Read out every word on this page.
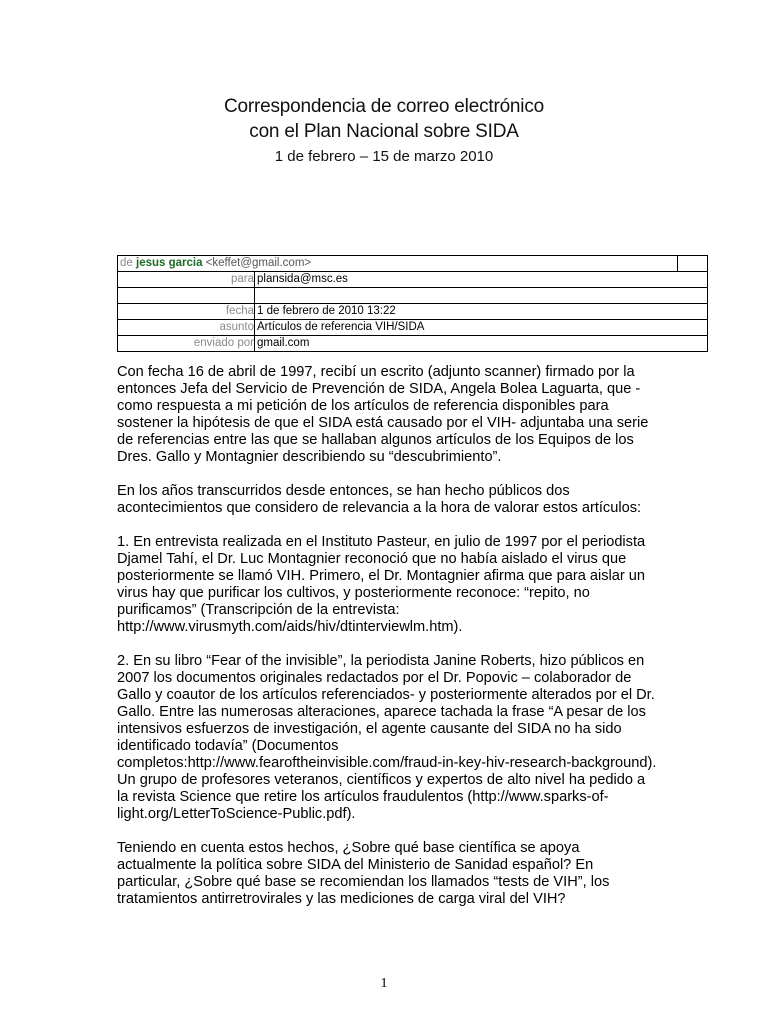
Correspondencia de correo electrónico
con el Plan Nacional sobre SIDA
1 de febrero – 15 de marzo 2010
de jesus garcia <keffet@gmail.com>		
para	plansida@msc.es	

fecha	1 de febrero de 2010 13:22	
asunto	Artículos de referencia VIH/SIDA	
enviado por	gmail.com	

Con fecha 16 de abril de 1997, recibí un escrito (adjunto scanner) firmado por la entonces Jefa del Servicio de Prevención de SIDA, Angela Bolea Laguarta, que -como respuesta a mi petición de los artículos de referencia disponibles para sostener la hipótesis de que el SIDA está causado por el VIH- adjuntaba una serie de referencias entre las que se hallaban algunos artículos de los Equipos de los Dres. Gallo y Montagnier describiendo su “descubrimiento”.

En los años transcurridos desde entonces, se han hecho públicos dos acontecimientos que considero de relevancia a la hora de valorar estos artículos:

1. En entrevista realizada en el Instituto Pasteur, en julio de 1997 por el periodista Djamel Tahí, el Dr. Luc Montagnier reconoció que no había aislado el virus que posteriormente se llamó VIH. Primero, el Dr. Montagnier afirma que para aislar un virus hay que purificar los cultivos, y posteriormente reconoce: “repito, no purificamos” (Transcripción de la entrevista: http://www.virusmyth.com/aids/hiv/dtinterviewlm.htm).

2. En su libro “Fear of the invisible”, la periodista Janine Roberts, hizo públicos en 2007 los documentos originales redactados por el Dr. Popovic – colaborador de Gallo y coautor de los artículos referenciados- y posteriormente alterados por el Dr. Gallo. Entre las numerosas alteraciones, aparece tachada la frase “A pesar de los intensivos esfuerzos de investigación, el agente causante del SIDA no ha sido identificado todavía” (Documentos completos:http://www.fearoftheinvisible.com/fraud-in-key-hiv-research-background). Un grupo de profesores veteranos, científicos y expertos de alto nivel ha pedido a la revista Science que retire los artículos fraudulentos (http://www.sparks-of-light.org/LetterToScience-Public.pdf).

Teniendo en cuenta estos hechos, ¿Sobre qué base científica se apoya actualmente la política sobre SIDA del Ministerio de Sanidad español? En particular, ¿Sobre qué base se recomiendan los llamados “tests de VIH”, los tratamientos antirretrovirales y las mediciones de carga viral del VIH?

1
